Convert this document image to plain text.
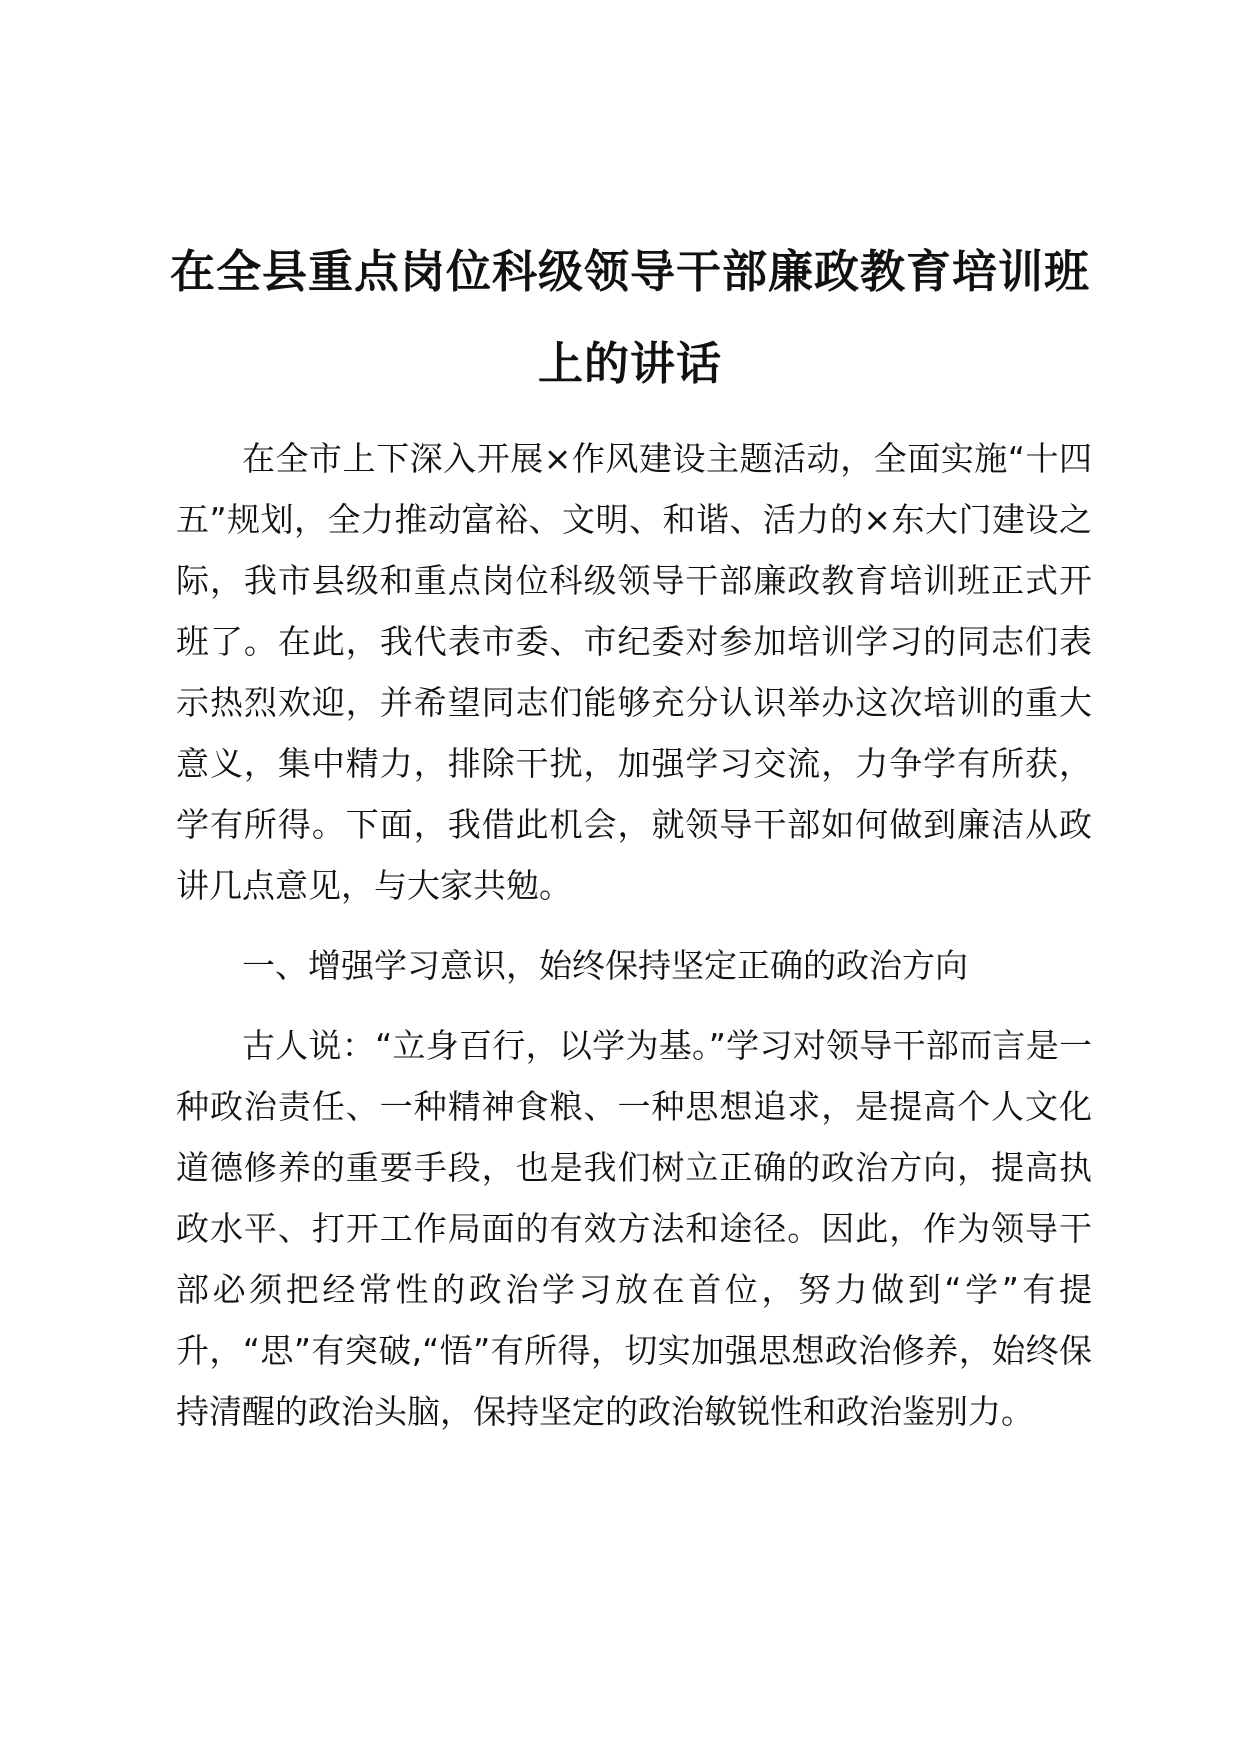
在全县重点岗位科级领导干部廉政教育培训班上的讲话

在全市上下深入开展×作风建设主题活动，全面实施“十四五”规划，全力推动富裕、文明、和谐、活力的×东大门建设之际，我市县级和重点岗位科级领导干部廉政教育培训班正式开班了。在此，我代表市委、市纪委对参加培训学习的同志们表示热烈欢迎，并希望同志们能够充分认识举办这次培训的重大意义，集中精力，排除干扰，加强学习交流，力争学有所获，学有所得。下面，我借此机会，就领导干部如何做到廉洁从政讲几点意见，与大家共勉。

一、增强学习意识，始终保持坚定正确的政治方向

古人说：“立身百行，以学为基。”学习对领导干部而言是一种政治责任、一种精神食粮、一种思想追求，是提高个人文化道德修养的重要手段，也是我们树立正确的政治方向，提高执政水平、打开工作局面的有效方法和途径。因此，作为领导干部必须把经常性的政治学习放在首位，努力做到“学”有提升，“思”有突破,“悟”有所得，切实加强思想政治修养，始终保持清醒的政治头脑，保持坚定的政治敏锐性和政治鉴别力。
